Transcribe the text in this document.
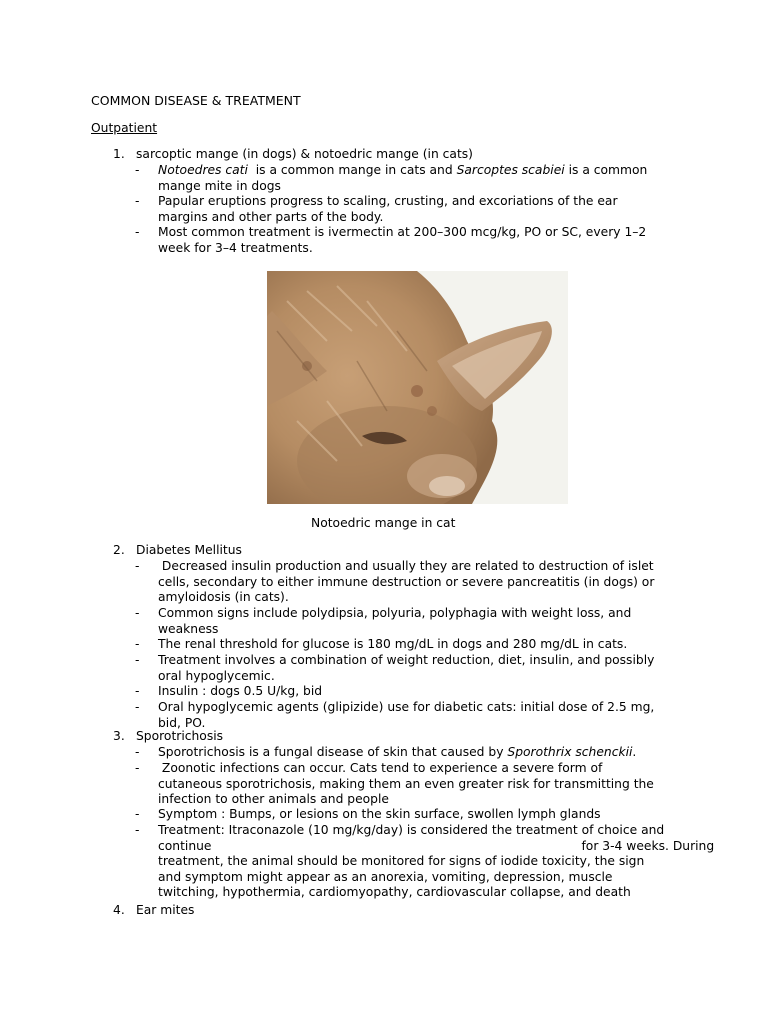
COMMON DISEASE & TREATMENT
Outpatient
1. sarcoptic mange (in dogs) & notoedric mange (in cats)
- Notoedres cati  is a common mange in cats and Sarcoptes scabiei is a common
mange mite in dogs
- Papular eruptions progress to scaling, crusting, and excoriations of the ear
margins and other parts of the body.
- Most common treatment is ivermectin at 200–300 mcg/kg, PO or SC, every 1–2
week for 3–4 treatments.
Notoedric mange in cat
2. Diabetes Mellitus
- Decreased insulin production and usually they are related to destruction of islet
cells, secondary to either immune destruction or severe pancreatitis (in dogs) or
amyloidosis (in cats).
- Common signs include polydipsia, polyuria, polyphagia with weight loss, and
weakness
- The renal threshold for glucose is 180 mg/dL in dogs and 280 mg/dL in cats.
- Treatment involves a combination of weight reduction, diet, insulin, and possibly
oral hypoglycemic.
- Insulin : dogs 0.5 U/kg, bid
- Oral hypoglycemic agents (glipizide) use for diabetic cats: initial dose of 2.5 mg,
bid, PO.
3. Sporotrichosis
- Sporotrichosis is a fungal disease of skin that caused by Sporothrix schenckii.
- Zoonotic infections can occur. Cats tend to experience a severe form of
cutaneous sporotrichosis, making them an even greater risk for transmitting the
infection to other animals and people
- Symptom : Bumps, or lesions on the skin surface, swollen lymph glands
- Treatment: Itraconazole (10 mg/kg/day) is considered the treatment of choice and
continue	for 3-4 weeks. During
treatment, the animal should be monitored for signs of iodide toxicity, the sign
and symptom might appear as an anorexia, vomiting, depression, muscle
twitching, hypothermia, cardiomyopathy, cardiovascular collapse, and death
4. Ear mites
